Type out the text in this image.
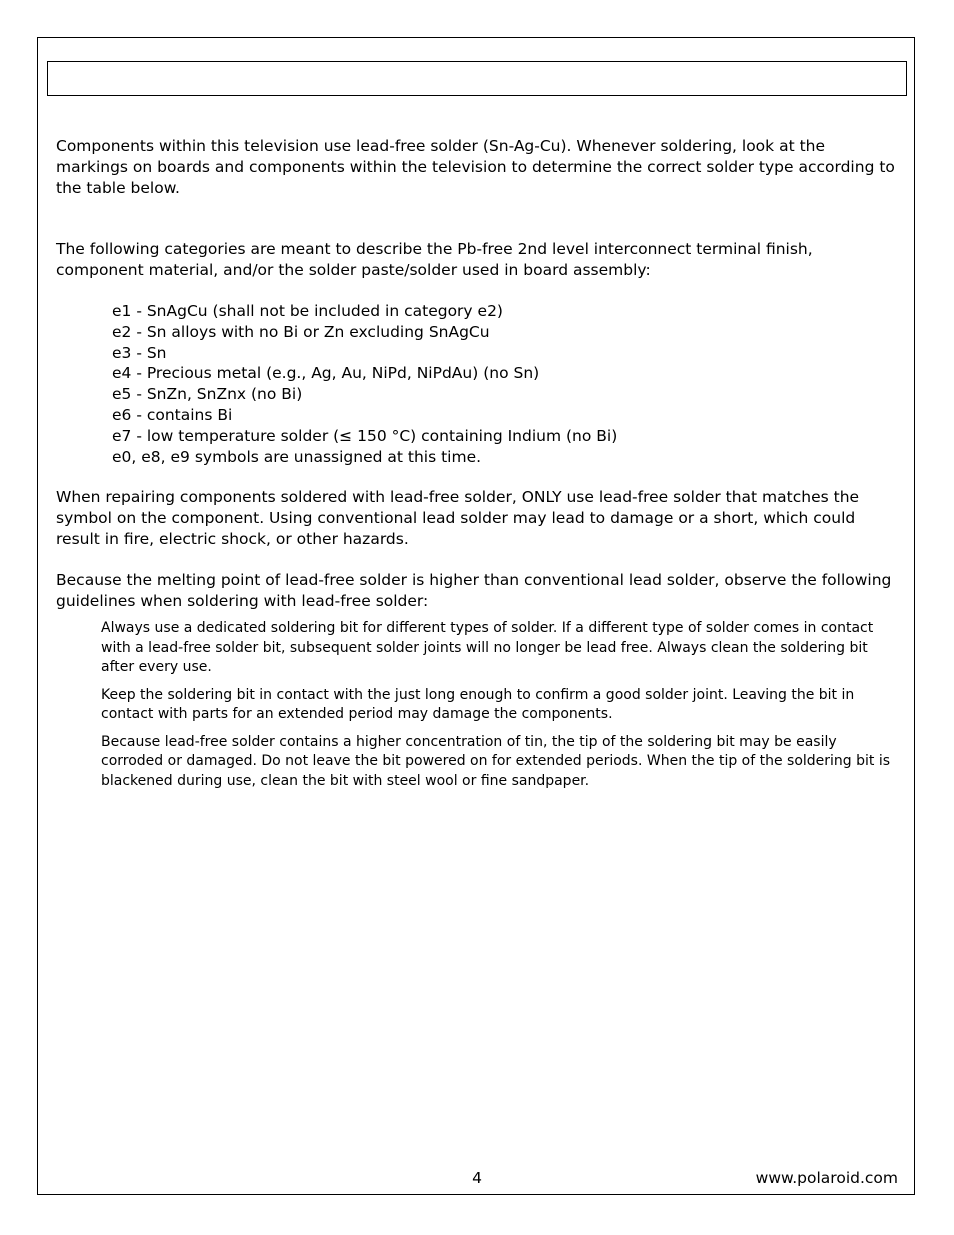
Components within this television use lead-free solder (Sn-Ag-Cu). Whenever soldering, look at the markings on boards and components within the television to determine the correct solder type according to the table below.

The following categories are meant to describe the Pb-free 2nd level interconnect terminal finish, component material, and/or the solder paste/solder used in board assembly:

e1 - SnAgCu (shall not be included in category e2)
e2 - Sn alloys with no Bi or Zn excluding SnAgCu
e3 - Sn
e4 - Precious metal (e.g., Ag, Au, NiPd, NiPdAu) (no Sn)
e5 - SnZn, SnZnx (no Bi)
e6 - contains Bi
e7 - low temperature solder (≤ 150 °C) containing Indium (no Bi)
e0, e8, e9 symbols are unassigned at this time.

When repairing components soldered with lead-free solder, ONLY use lead-free solder that matches the symbol on the component. Using conventional lead solder may lead to damage or a short, which could result in fire, electric shock, or other hazards.

Because the melting point of lead-free solder is higher than conventional lead solder, observe the following guidelines when soldering with lead-free solder:

Always use a dedicated soldering bit for different types of solder. If a different type of solder comes in contact with a lead-free solder bit, subsequent solder joints will no longer be lead free. Always clean the soldering bit after every use.
Keep the soldering bit in contact with the just long enough to confirm a good solder joint. Leaving the bit in contact with parts for an extended period may damage the components.
Because lead-free solder contains a higher concentration of tin, the tip of the soldering bit may be easily corroded or damaged. Do not leave the bit powered on for extended periods. When the tip of the soldering bit is blackened during use, clean the bit with steel wool or fine sandpaper.
4	www.polaroid.com
